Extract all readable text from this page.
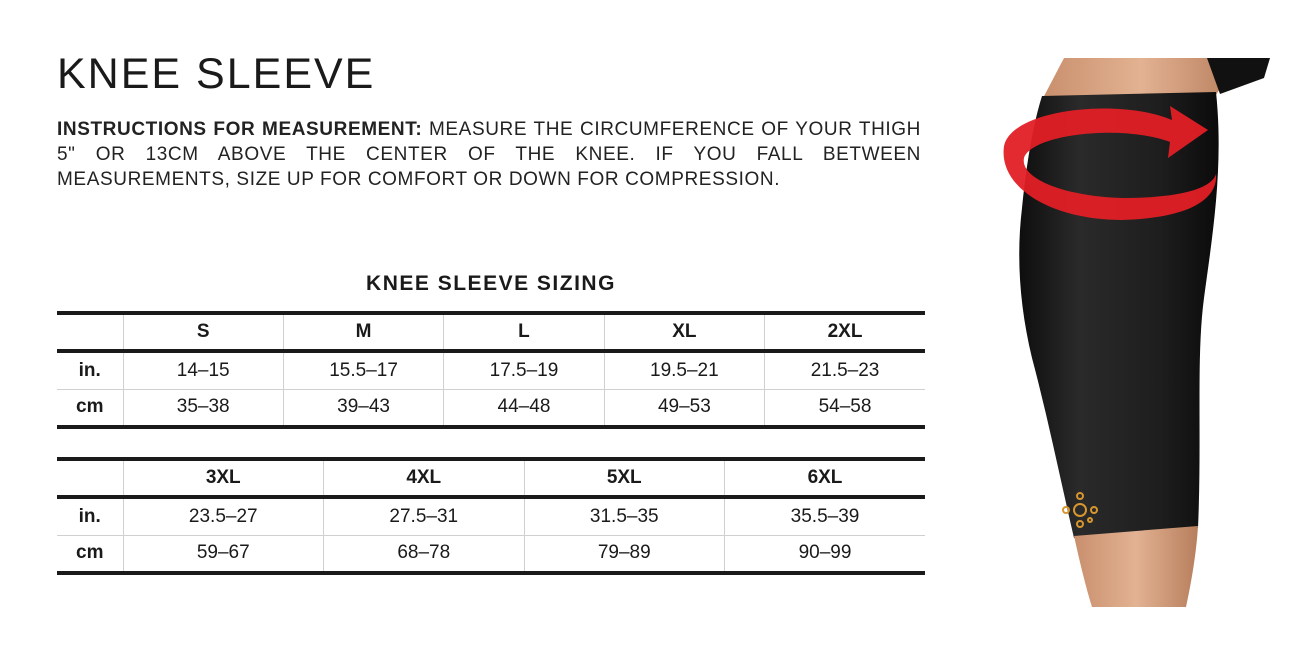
KNEE SLEEVE

INSTRUCTIONS FOR MEASUREMENT: MEASURE THE CIRCUMFERENCE OF YOUR THIGH 5" OR 13CM ABOVE THE CENTER OF THE KNEE. IF YOU FALL BETWEEN MEASUREMENTS, SIZE UP FOR COMFORT OR DOWN FOR COMPRESSION.

KNEE SLEEVE SIZING
	S	M	L	XL	2XL
in.	14–15	15.5–17	17.5–19	19.5–21	21.5–23
cm	35–38	39–43	44–48	49–53	54–58
	3XL	4XL	5XL	6XL
in.	23.5–27	27.5–31	31.5–35	35.5–39
cm	59–67	68–78	79–89	90–99
